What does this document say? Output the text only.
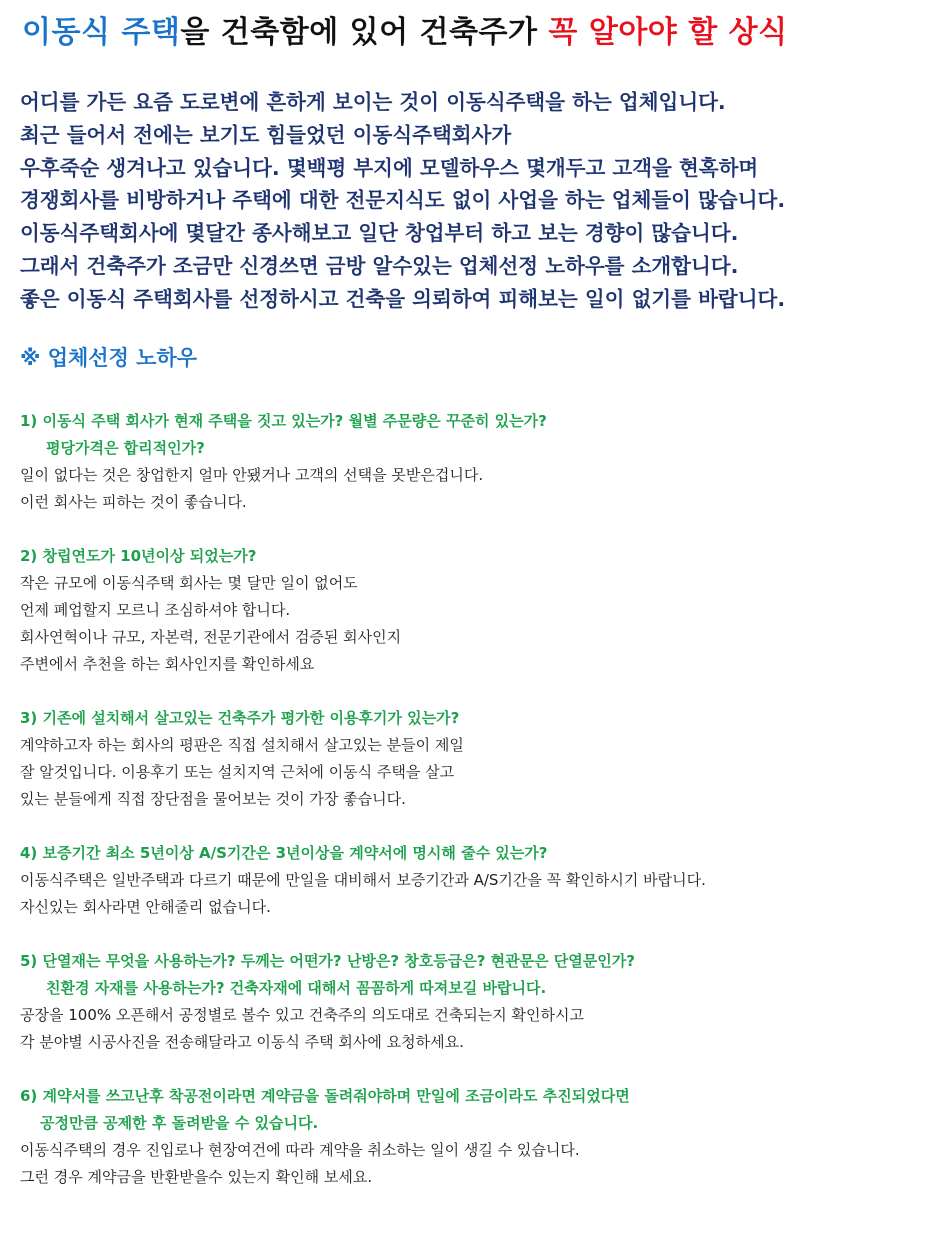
이동식 주택을 건축함에 있어 건축주가 꼭 알아야 할 상식

어디를 가든 요즘 도로변에 흔하게 보이는 것이 이동식주택을 하는 업체입니다.

최근 들어서 전에는 보기도 힘들었던 이동식주택회사가

우후죽순 생겨나고 있습니다. 몇백평 부지에 모델하우스 몇개두고 고객을 현혹하며

경쟁회사를 비방하거나 주택에 대한 전문지식도 없이 사업을 하는 업체들이 많습니다.

이동식주택회사에 몇달간 종사해보고 일단 창업부터 하고 보는 경향이 많습니다.

그래서 건축주가 조금만 신경쓰면 금방 알수있는 업체선정 노하우를 소개합니다.

좋은 이동식 주택회사를 선정하시고 건축을 의뢰하여 피해보는 일이 없기를 바랍니다.

※ 업체선정 노하우

1) 이동식 주택 회사가 현재 주택을 짓고 있는가? 월별 주문량은 꾸준히 있는가?

평당가격은 합리적인가?

일이 없다는 것은 창업한지 얼마 안됐거나 고객의 선택을 못받은겁니다.

이런 회사는 피하는 것이 좋습니다.

2) 창립연도가 10년이상 되었는가?

작은 규모에 이동식주택 회사는 몇 달만 일이 없어도

언제 폐업할지 모르니 조심하셔야 합니다.

회사연혁이나 규모, 자본력, 전문기관에서 검증된 회사인지

주변에서 추천을 하는 회사인지를 확인하세요

3) 기존에 설치해서 살고있는 건축주가 평가한 이용후기가 있는가?

계약하고자 하는 회사의 평판은 직접 설치해서 살고있는 분들이 제일

잘 알것입니다. 이용후기 또는 설치지역 근처에 이동식 주택을 살고

있는 분들에게 직접 장단점을 물어보는 것이 가장 좋습니다.

4) 보증기간 최소 5년이상 A/S기간은 3년이상을 계약서에 명시해 줄수 있는가?

이동식주택은 일반주택과 다르기 때문에 만일을 대비해서 보증기간과 A/S기간을 꼭 확인하시기 바랍니다.

자신있는 회사라면 안해줄리 없습니다.

5) 단열재는 무엇을 사용하는가? 두께는 어떤가? 난방은? 창호등급은? 현관문은 단열문인가?

친환경 자재를 사용하는가? 건축자재에 대해서 꼼꼼하게 따져보길 바랍니다.

공장을 100% 오픈해서 공정별로 볼수 있고 건축주의 의도대로 건축되는지 확인하시고

각 분야별 시공사진을 전송해달라고 이동식 주택 회사에 요청하세요.

6) 계약서를 쓰고난후 착공전이라면 계약금을 돌려줘야하며 만일에 조금이라도 추진되었다면

공정만큼 공제한 후 돌려받을 수 있습니다.

이동식주택의 경우 진입로나 현장여건에 따라 계약을 취소하는 일이 생길 수 있습니다.

그런 경우 계약금을 반환받을수 있는지 확인해 보세요.
